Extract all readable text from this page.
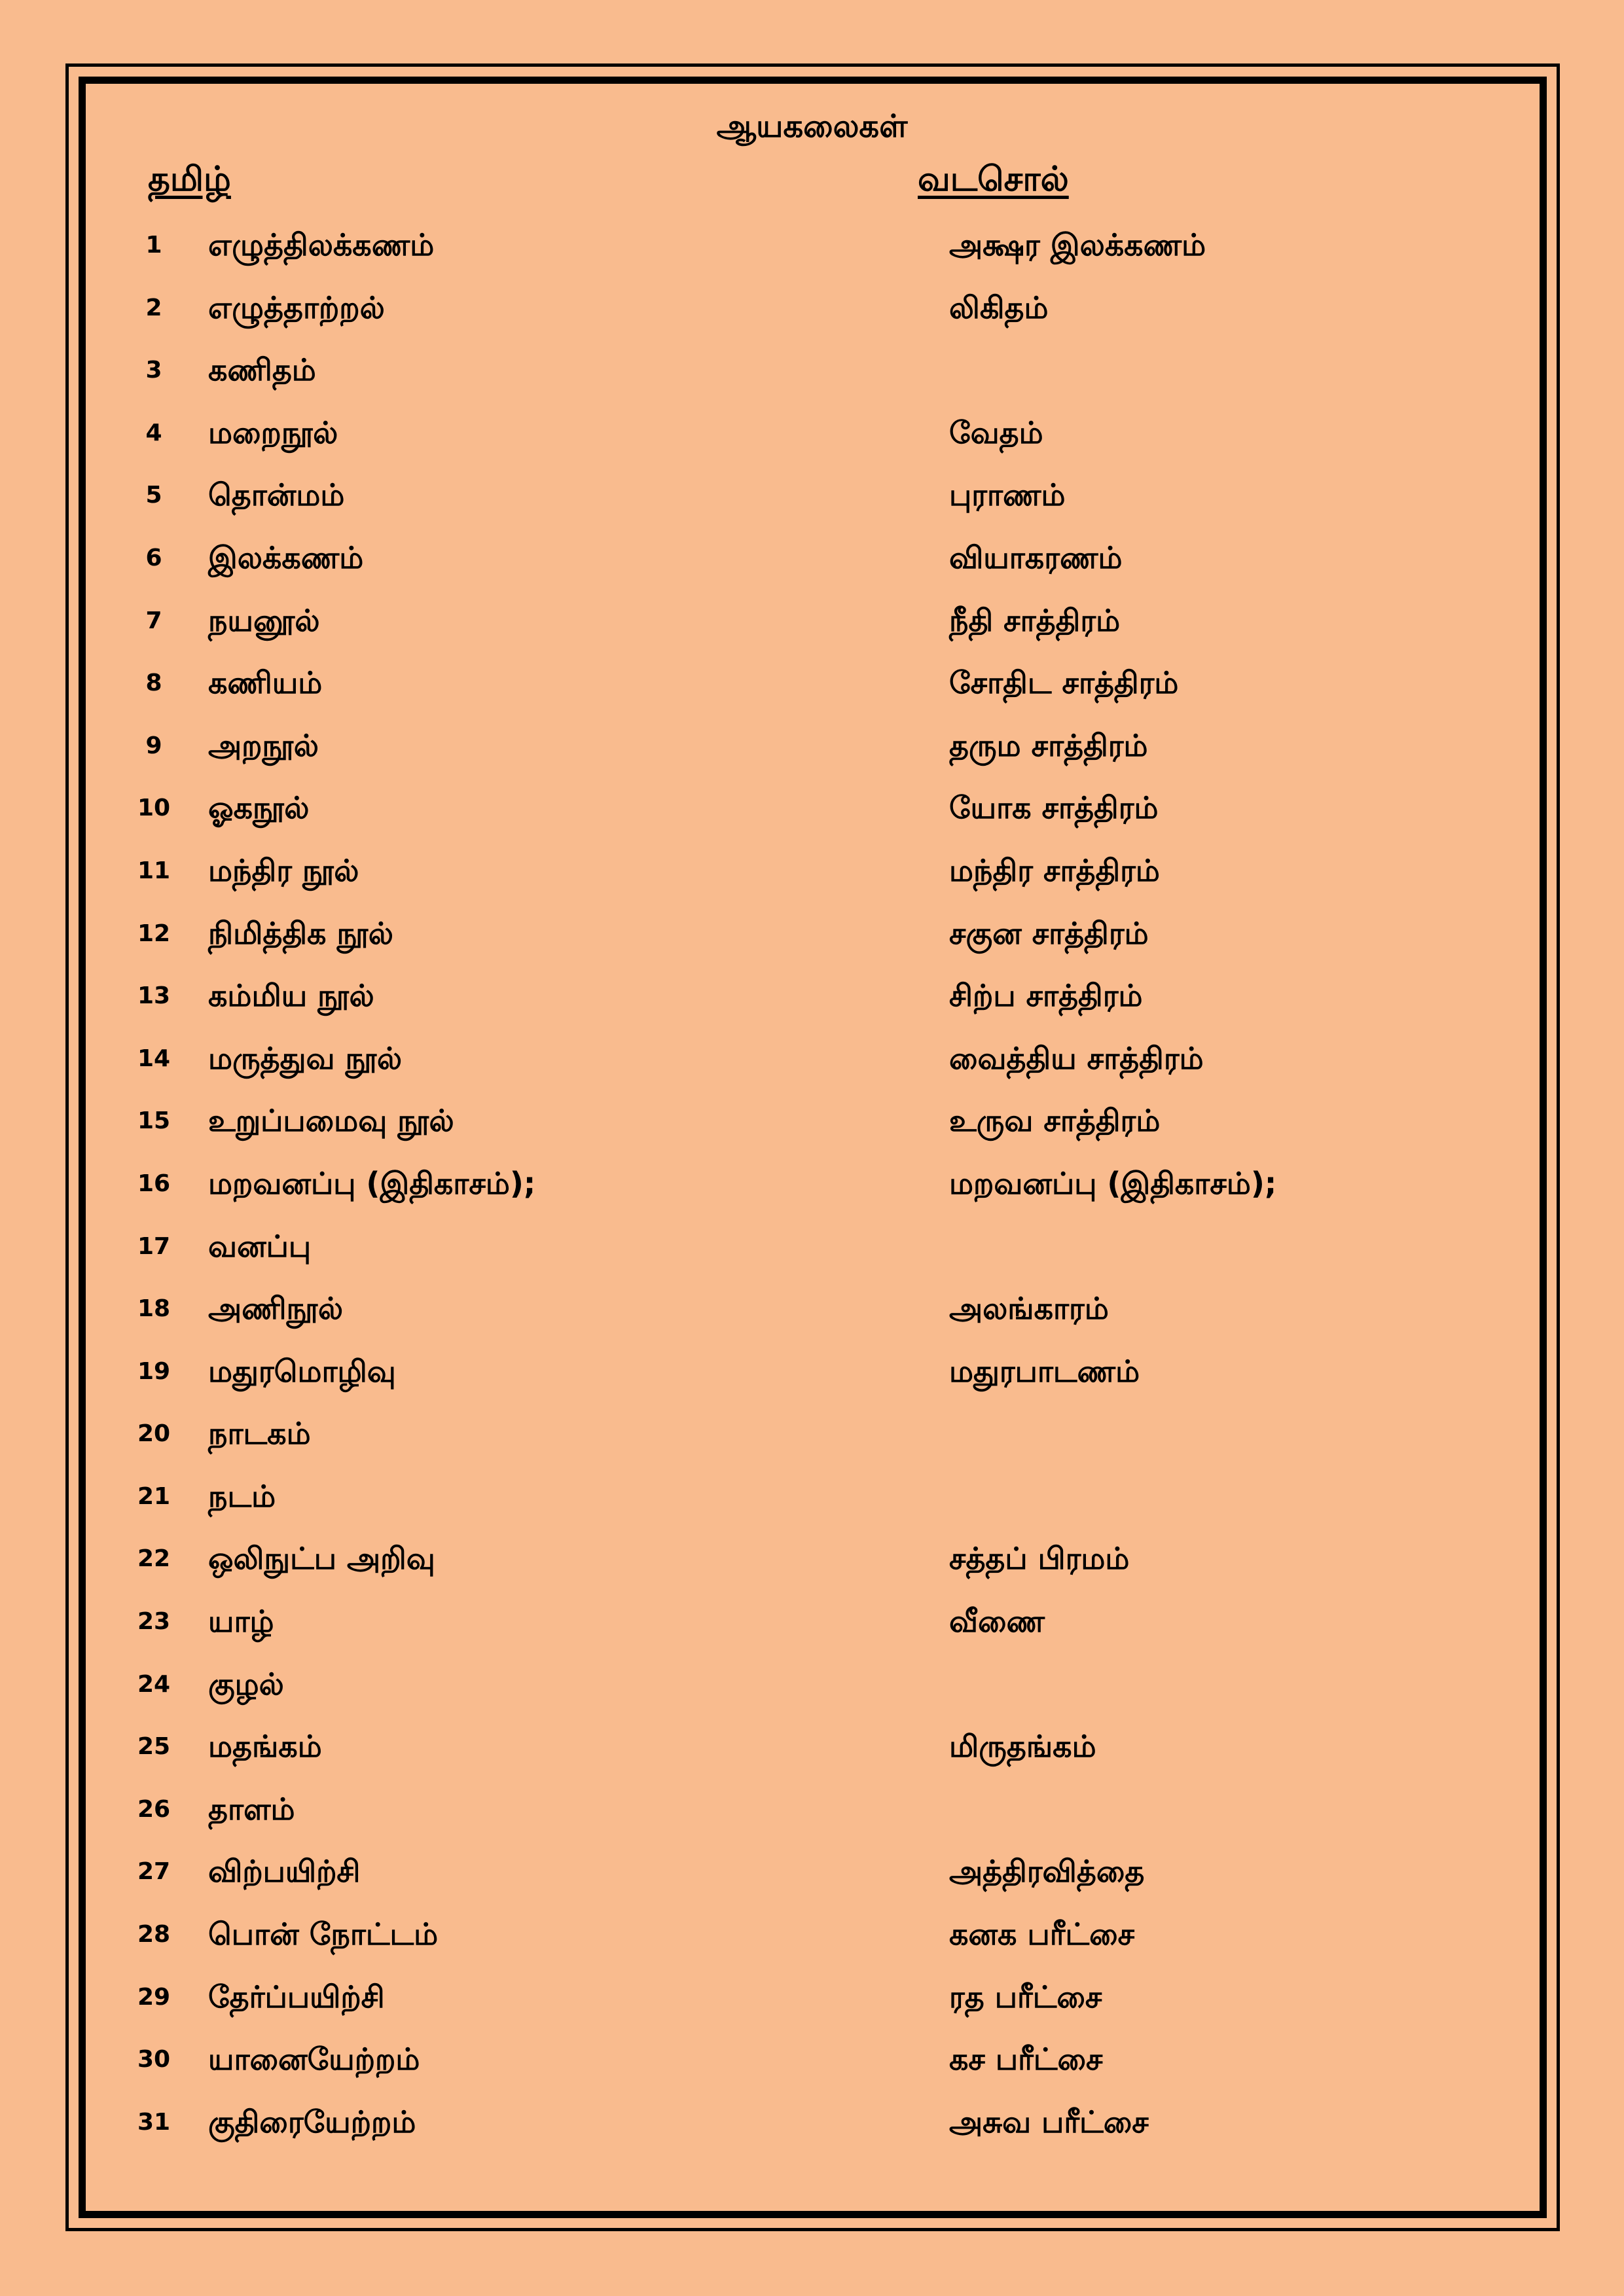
ஆயகலைகள்
தமிழ்	வடசொல்
1	எழுத்திலக்கணம்	அக்ஷர இலக்கணம்
2	எழுத்தாற்றல்	லிகிதம்
3	கணிதம்
4	மறைநூல்	வேதம்
5	தொன்மம்	புராணம்
6	இலக்கணம்	வியாகரணம்
7	நயனூல்	நீதி சாத்திரம்
8	கணியம்	சோதிட சாத்திரம்
9	அறநூல்	தரும சாத்திரம்
10 ஓகநூல்	யோக சாத்திரம்
11 மந்திர நூல்	மந்திர சாத்திரம்
12 நிமித்திக நூல்	சகுன சாத்திரம்
13 கம்மிய நூல்	சிற்ப சாத்திரம்
14 மருத்துவ நூல்	வைத்திய சாத்திரம்
15 உறுப்பமைவு நூல்	உருவ சாத்திரம்
16 மறவனப்பு (இதிகாசம்);	மறவனப்பு (இதிகாசம்);
17 வனப்பு
18 அணிநூல்	அலங்காரம்
19 மதுரமொழிவு	மதுரபாடணம்
20 நாடகம்
21 நடம்
22 ஒலிநுட்ப அறிவு	சத்தப் பிரமம்
23 யாழ்	வீணை
24 குழல்
25 மதங்கம்	மிருதங்கம்
26 தாளம்
27 விற்பயிற்சி	அத்திரவித்தை
28 பொன் நோட்டம்	கனக பரீட்சை
29 தேர்ப்பயிற்சி	ரத பரீட்சை
30 யானையேற்றம்	கச பரீட்சை
31 குதிரையேற்றம்	அசுவ பரீட்சை
